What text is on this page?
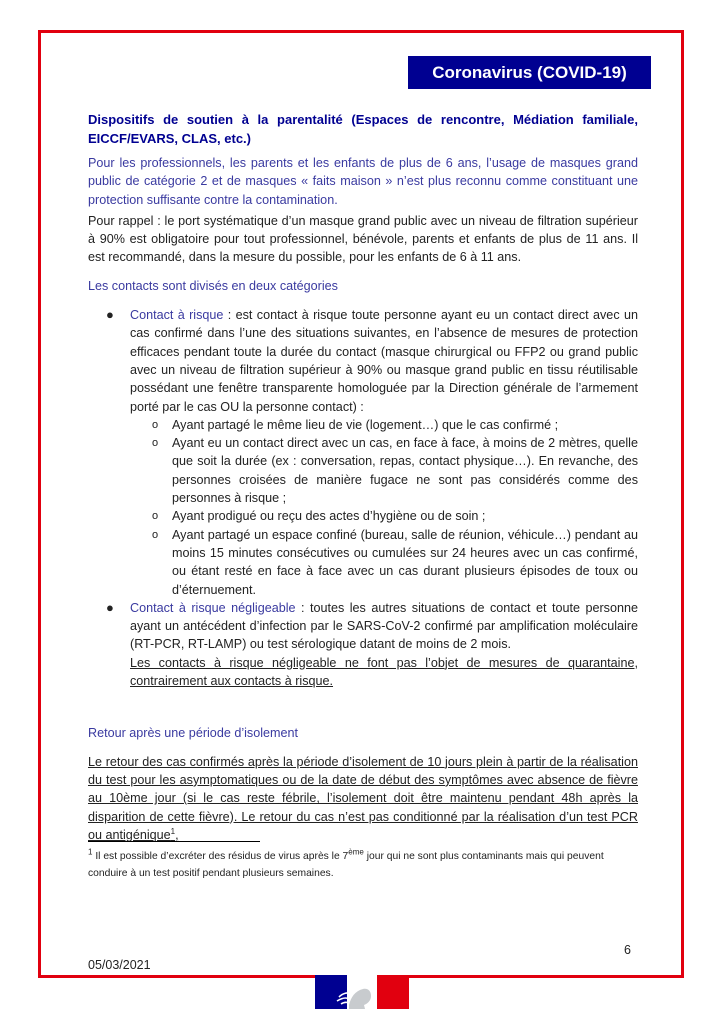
Coronavirus (COVID-19)

Dispositifs de soutien à la parentalité (Espaces de rencontre, Médiation familiale, EICCF/EVARS, CLAS, etc.)

Pour les professionnels, les parents et les enfants de plus de 6 ans, l’usage de masques grand public de catégorie 2 et de masques « faits maison » n’est plus reconnu comme constituant une protection suffisante contre la contamination.

Pour rappel : le port systématique d’un masque grand public avec un niveau de filtration supérieur à 90% est obligatoire pour tout professionnel, bénévole, parents et enfants de plus de 11 ans. Il est recommandé, dans la mesure du possible, pour les enfants de 6 à 11 ans.

Les contacts sont divisés en deux catégories

● Contact à risque : est contact à risque toute personne ayant eu un contact direct avec un cas confirmé dans l’une des situations suivantes, en l’absence de mesures de protection efficaces pendant toute la durée du contact (masque chirurgical ou FFP2 ou grand public avec un niveau de filtration supérieur à 90% ou masque grand public en tissu réutilisable possédant une fenêtre transparente homologuée par la Direction générale de l’armement porté par le cas OU la personne contact) :
o Ayant partagé le même lieu de vie (logement…) que le cas confirmé ;
o Ayant eu un contact direct avec un cas, en face à face, à moins de 2 mètres, quelle que soit la durée (ex : conversation, repas, contact physique…). En revanche, des personnes croisées de manière fugace ne sont pas considérés comme des personnes à risque ;
o Ayant prodigué ou reçu des actes d’hygiène ou de soin ;
o Ayant partagé un espace confiné (bureau, salle de réunion, véhicule…) pendant au moins 15 minutes consécutives ou cumulées sur 24 heures avec un cas confirmé, ou étant resté en face à face avec un cas durant plusieurs épisodes de toux ou d’éternuement.
● Contact à risque négligeable : toutes les autres situations de contact et toute personne ayant un antécédent d’infection par le SARS-CoV-2 confirmé par amplification moléculaire (RT-PCR, RT-LAMP) ou test sérologique datant de moins de 2 mois.
Les contacts à risque négligeable ne font pas l’objet de mesures de quarantaine, contrairement aux contacts à risque.

Retour après une période d’isolement

Le retour des cas confirmés après la période d’isolement de 10 jours plein à partir de la réalisation du test pour les asymptomatiques ou de la date de début des symptômes avec absence de fièvre au 10ème jour (si le cas reste fébrile, l’isolement doit être maintenu pendant 48h après la disparition de cette fièvre). Le retour du cas n’est pas conditionné par la réalisation d’un test PCR ou antigénique$^1$,

$^1$ Il est possible d’excréter des résidus de virus après le 7ème jour qui ne sont plus contaminants mais qui peuvent conduire à un test positif pendant plusieurs semaines.
6
05/03/2021
